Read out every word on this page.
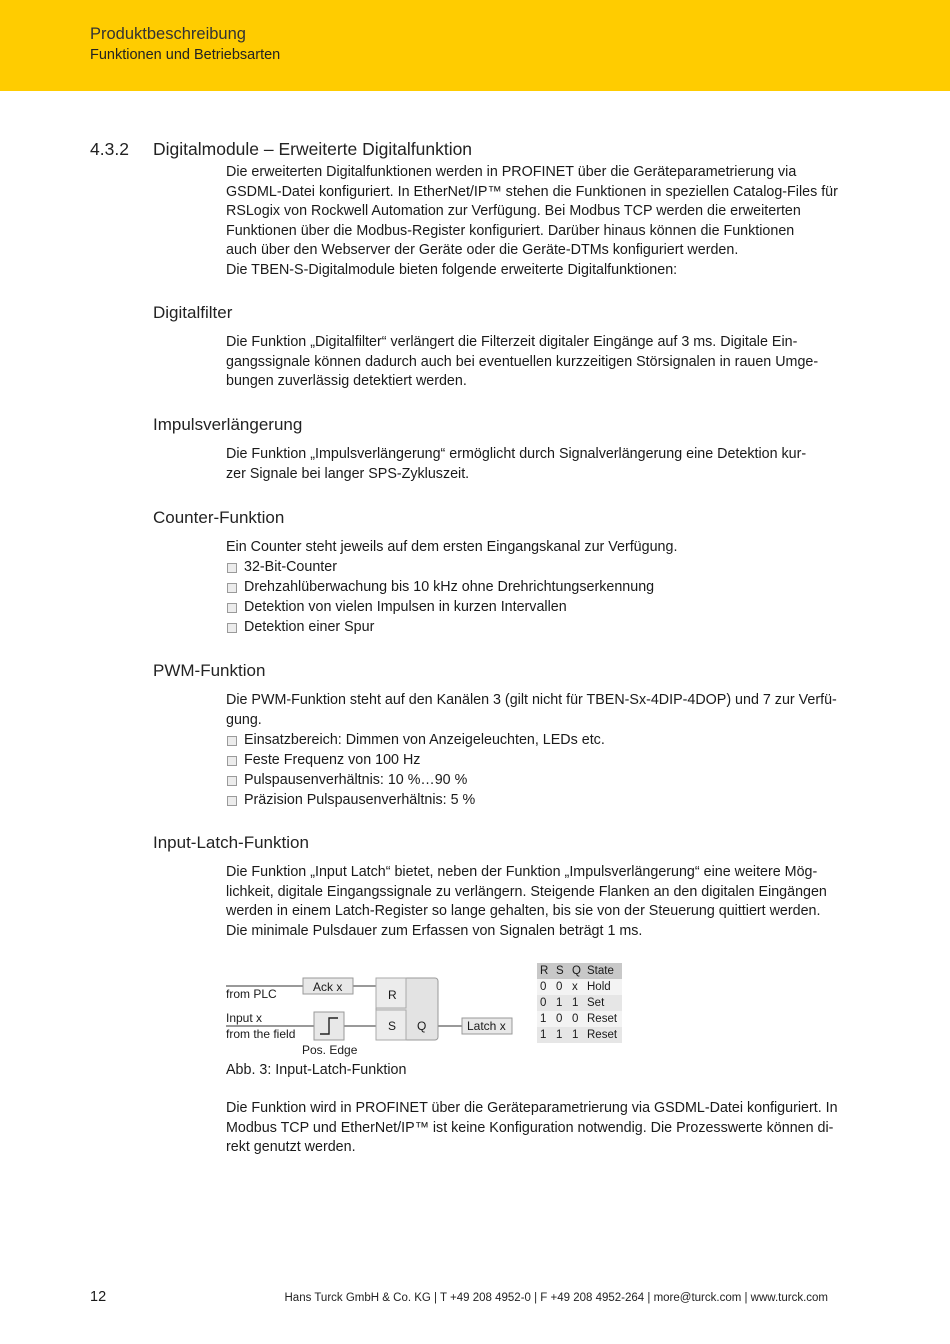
Produktbeschreibung
Funktionen und Betriebsarten
4.3.2 Digitalmodule – Erweiterte Digitalfunktion

Die erweiterten Digitalfunktionen werden in PROFINET über die Geräteparametrierung via

GSDML-Datei konfiguriert. In EtherNet/IP™ stehen die Funktionen in speziellen Catalog-Files für

RSLogix von Rockwell Automation zur Verfügung. Bei Modbus TCP werden die erweiterten

Funktionen über die Modbus-Register konfiguriert. Darüber hinaus können die Funktionen

auch über den Webserver der Geräte oder die Geräte-DTMs konfiguriert werden.

Die TBEN-S-Digitalmodule bieten folgende erweiterte Digitalfunktionen:

Digitalfilter

Die Funktion „Digitalfilter“ verlängert die Filterzeit digitaler Eingänge auf 3 ms. Digitale Ein-

gangssignale können dadurch auch bei eventuellen kurzzeitigen Störsignalen in rauen Umge-

bungen zuverlässig detektiert werden.

Impulsverlängerung

Die Funktion „Impulsverlängerung“ ermöglicht durch Signalverlängerung eine Detektion kur-

zer Signale bei langer SPS-Zykluszeit.

Counter-Funktion

Ein Counter steht jeweils auf dem ersten Eingangskanal zur Verfügung.

32-Bit-Counter
Drehzahlüberwachung bis 10 kHz ohne Drehrichtungserkennung
Detektion von vielen Impulsen in kurzen Intervallen
Detektion einer Spur
PWM-Funktion

Die PWM-Funktion steht auf den Kanälen 3 (gilt nicht für TBEN-Sx-4DIP-4DOP) und 7 zur Verfü-

gung.

Einsatzbereich: Dimmen von Anzeigeleuchten, LEDs etc.
Feste Frequenz von 100 Hz
Pulspausenverhältnis: 10 %…90 %
Präzision Pulspausenverhältnis: 5 %
Input-Latch-Funktion

Die Funktion „Input Latch“ bietet, neben der Funktion „Impulsverlängerung“ eine weitere Mög-

lichkeit, digitale Eingangssignale zu verlängern. Steigende Flanken an den digitalen Eingängen

werden in einem Latch-Register so lange gehalten, bis sie von der Steuerung quittiert werden.

Die minimale Pulsdauer zum Erfassen von Signalen beträgt 1 ms.

Ack x
Pos. Edge
R
S Q	Latch x
from PLC
Input x
from the field
R	S	Q	State
0	0	x	Hold
0	1	1	Set
1	0	0	Reset
1	1	1	Reset
Abb. 3: Input-Latch-Funktion

Die Funktion wird in PROFINET über die Geräteparametrierung via GSDML-Datei konfiguriert. In

Modbus TCP und EtherNet/IP™ ist keine Konfiguration notwendig. Die Prozesswerte können di-

rekt genutzt werden.

12	Hans Turck GmbH & Co. KG | T +49 208 4952-0 | F +49 208 4952-264 | more@turck.com | www.turck.com
